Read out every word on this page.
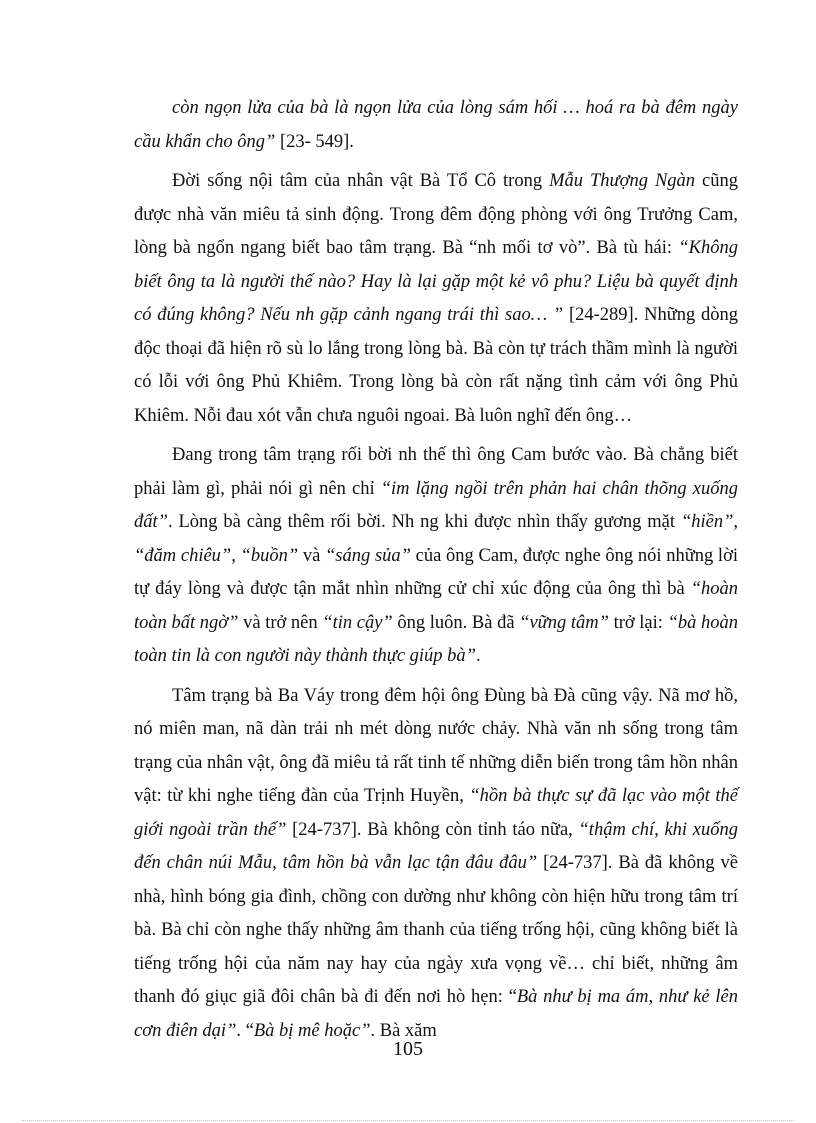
còn ngọn lửa của bà là ngọn lửa của lòng sám hối … hoá ra bà đêm ngày cầu khẩn cho ông” [23- 549].

Đời sống nội tâm của nhân vật Bà Tổ Cô trong Mẫu Thượng Ngàn cũng được nhà văn miêu tả sinh động. Trong đêm động phòng với ông Trưởng Cam, lòng bà ngổn ngang biết bao tâm trạng. Bà “nh mối tơ vò”. Bà tù hái: “Không biết ông ta là người thế nào? Hay là lại gặp một kẻ vô phu? Liệu bà quyết định có đúng không? Nếu nh gặp cảnh ngang trái thì sao… ” [24-289]. Những dòng độc thoại đã hiện rõ sù lo lắng trong lòng bà. Bà còn tự trách thầm mình là người có lỗi với ông Phủ Khiêm. Trong lòng bà còn rất nặng tình cảm với ông Phủ Khiêm. Nỗi đau xót vẫn chưa nguôi ngoai. Bà luôn nghĩ đến ông…

Đang trong tâm trạng rối bời nh thế thì ông Cam bước vào. Bà chẳng biết phải làm gì, phải nói gì nên chỉ “im lặng ngồi trên phản hai chân thõng xuống đất”. Lòng bà càng thêm rối bời. Nh ng khi được nhìn thấy gương mặt “hiền”, “đăm chiêu”, “buồn” và “sáng sủa” của ông Cam, được nghe ông nói những lời tự đáy lòng và được tận mắt nhìn những cử chỉ xúc động của ông thì bà “hoàn toàn bất ngờ” và trở nên “tin cậy” ông luôn. Bà đã “vững tâm” trở lại: “bà hoàn toàn tin là con người này thành thực giúp bà”.

Tâm trạng bà Ba Váy trong đêm hội ông Đùng bà Đà cũng vậy. Nã mơ hồ, nó miên man, nã dàn trải nh mét dòng nước chảy. Nhà văn nh sống trong tâm trạng của nhân vật, ông đã miêu tả rất tinh tế những diễn biến trong tâm hồn nhân vật: từ khi nghe tiếng đàn của Trịnh Huyền, “hồn bà thực sự đã lạc vào một thế giới ngoài trần thế” [24-737]. Bà không còn tỉnh táo nữa, “thậm chí, khi xuống đến chân núi Mẫu, tâm hồn bà vẫn lạc tận đâu đâu” [24-737]. Bà đã không về nhà, hình bóng gia đình, chồng con dường như không còn hiện hữu trong tâm trí bà. Bà chỉ còn nghe thấy những âm thanh của tiếng trống hội, cũng không biết là tiếng trống hội của năm nay hay của ngày xưa vọng về… chỉ biết, những âm thanh đó giục giã đôi chân bà đi đến nơi hò hẹn: “Bà như bị ma ám, như kẻ lên cơn điên dại”. “Bà bị mê hoặc”. Bà xăm

105
